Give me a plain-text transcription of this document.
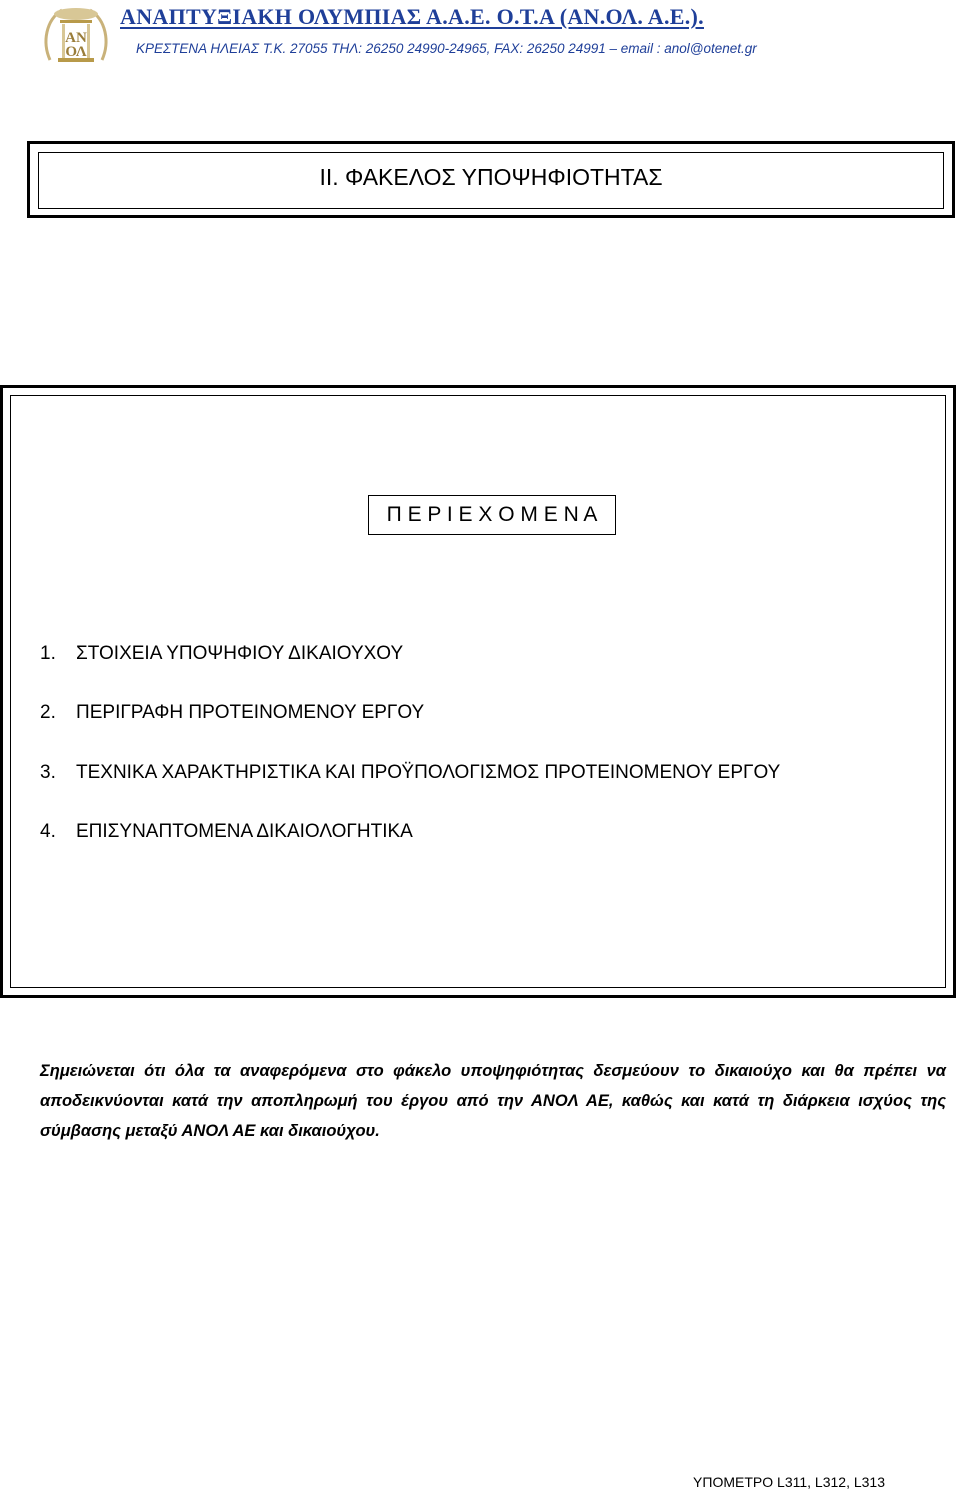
ΑΝ
ΟΛ
ΑΝΑΠΤΥΞΙΑΚΗ ΟΛΥΜΠΙΑΣ Α.Α.Ε. Ο.Τ.Α (ΑΝ.ΟΛ. Α.Ε.).
ΚΡΕΣΤΕΝΑ ΗΛΕΙΑΣ Τ.Κ. 27055 ΤΗΛ: 26250 24990-24965, FAX: 26250 24991 – email : anol@otenet.gr
ΙΙ. ΦΑΚΕΛΟΣ ΥΠΟΨΗΦΙΟΤΗΤΑΣ
Π Ε Ρ Ι Ε Χ Ο Μ Ε Ν Α
1. ΣΤΟΙΧΕΙΑ ΥΠΟΨΗΦΙΟΥ ΔΙΚΑΙΟΥΧΟΥ
2. ΠΕΡΙΓΡΑΦΗ ΠΡΟΤΕΙΝΟΜΕΝΟΥ ΕΡΓΟΥ
3. ΤΕΧΝΙΚΑ ΧΑΡΑΚΤΗΡΙΣΤΙΚΑ ΚΑΙ ΠΡΟΫΠΟΛΟΓΙΣΜΟΣ ΠΡΟΤΕΙΝΟΜΕΝΟΥ ΕΡΓΟΥ
4. ΕΠΙΣΥΝΑΠΤΟΜΕΝΑ ΔΙΚΑΙΟΛΟΓΗΤΙΚΑ
Σημειώνεται ότι όλα τα αναφερόμενα στο φάκελο υποψηφιότητας δεσμεύουν το δικαιούχο και θα πρέπει να αποδεικνύονται κατά την αποπληρωμή του έργου από την ΑΝΟΛ ΑΕ, καθώς και κατά τη διάρκεια ισχύος της σύμβασης μεταξύ ΑΝΟΛ ΑΕ και δικαιούχου.
ΥΠΟΜΕΤΡΟ L311, L312, L313
